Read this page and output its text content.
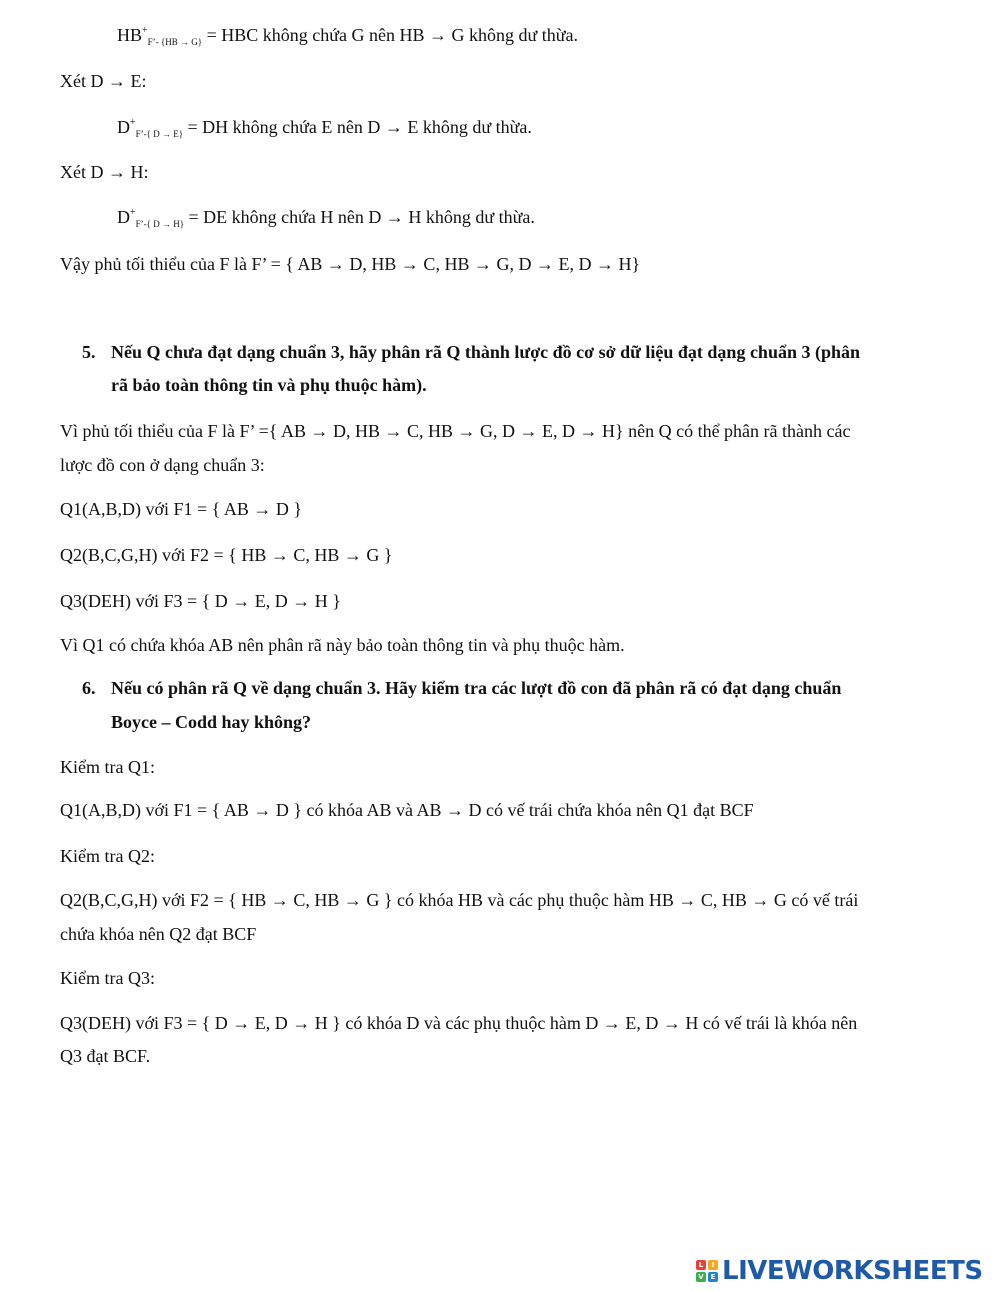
$HB^+_{F’- \{HB \to G\}}$ = HBC không chứa G nên HB → G không dư thừa.
Xét D → E:
$D^+_{F’-\{ D \to E\}}$ = DH không chứa E nên D → E không dư thừa.
Xét D → H:
$D^+_{F’-\{ D \to H\}}$ = DE không chứa H nên D → H không dư thừa.
Vậy phủ tối thiểu của F là F’ = { AB → D, HB → C, HB → G, D → E, D → H}
5. Nếu Q chưa đạt dạng chuẩn 3, hãy phân rã Q thành lược đồ cơ sở dữ liệu đạt dạng chuẩn 3 (phân
rã bảo toàn thông tin và phụ thuộc hàm).
Vì phủ tối thiểu của F là F’ ={ AB → D, HB → C, HB → G, D → E, D → H} nên Q có thể phân rã thành các
lược đồ con ở dạng chuẩn 3:
Q1(A,B,D) với F1 = { AB → D }
Q2(B,C,G,H) với F2 = { HB → C, HB → G }
Q3(DEH) với F3 = { D → E, D → H }
Vì Q1 có chứa khóa AB nên phân rã này bảo toàn thông tin và phụ thuộc hàm.
6. Nếu có phân rã Q về dạng chuẩn 3. Hãy kiểm tra các lượt đồ con đã phân rã có đạt dạng chuẩn
Boyce – Codd hay không?
Kiểm tra Q1:
Q1(A,B,D) với F1 = { AB → D } có khóa AB và AB → D có vế trái chứa khóa nên Q1 đạt BCF
Kiểm tra Q2:
Q2(B,C,G,H) với F2 = { HB → C, HB → G } có khóa HB và các phụ thuộc hàm HB → C, HB → G có vế trái
chứa khóa nên Q2 đạt BCF
Kiểm tra Q3:
Q3(DEH) với F3 = { D → E, D → H } có khóa D và các phụ thuộc hàm D → E, D → H có vế trái là khóa nên
Q3 đạt BCF.
L	I
V E LIVEWORKSHEETS
